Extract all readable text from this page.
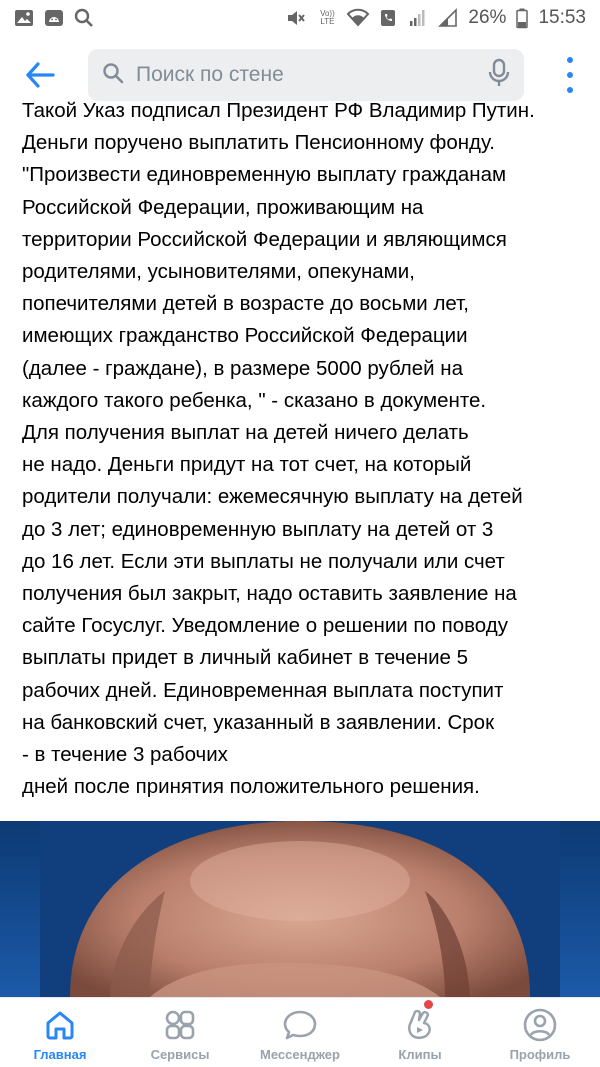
Vo)) LTE	26% 15:53
Поиск по стене
Такой Указ подписал Президент РФ Владимир Путин.
Деньги поручено выплатить Пенсионному фонду.
"Произвести единовременную выплату гражданам
Российской Федерации, проживающим на
территории Российской Федерации и являющимся
родителями, усыновителями, опекунами,
попечителями детей в возрасте до восьми лет,
имеющих гражданство Российской Федерации
(далее - граждане), в размере 5000 рублей на
каждого такого ребенка, " - сказано в документе.
Для получения выплат на детей ничего делать
не надо. Деньги придут на тот счет, на который
родители получали: ежемесячную выплату на детей
до 3 лет; единовременную выплату на детей от 3
до 16 лет. Если эти выплаты не получали или счет
получения был закрыт, надо оставить заявление на
сайте Госуслуг. Уведомление о решении по поводу
выплаты придет в личный кабинет в течение 5
рабочих дней. Единовременная выплата поступит
на банковский счет, указанный в заявлении. Срок
- в течение 3 рабочих
дней после принятия положительного решения.
Главная	Сервисы	Мессенджер	Клипы	Профиль
